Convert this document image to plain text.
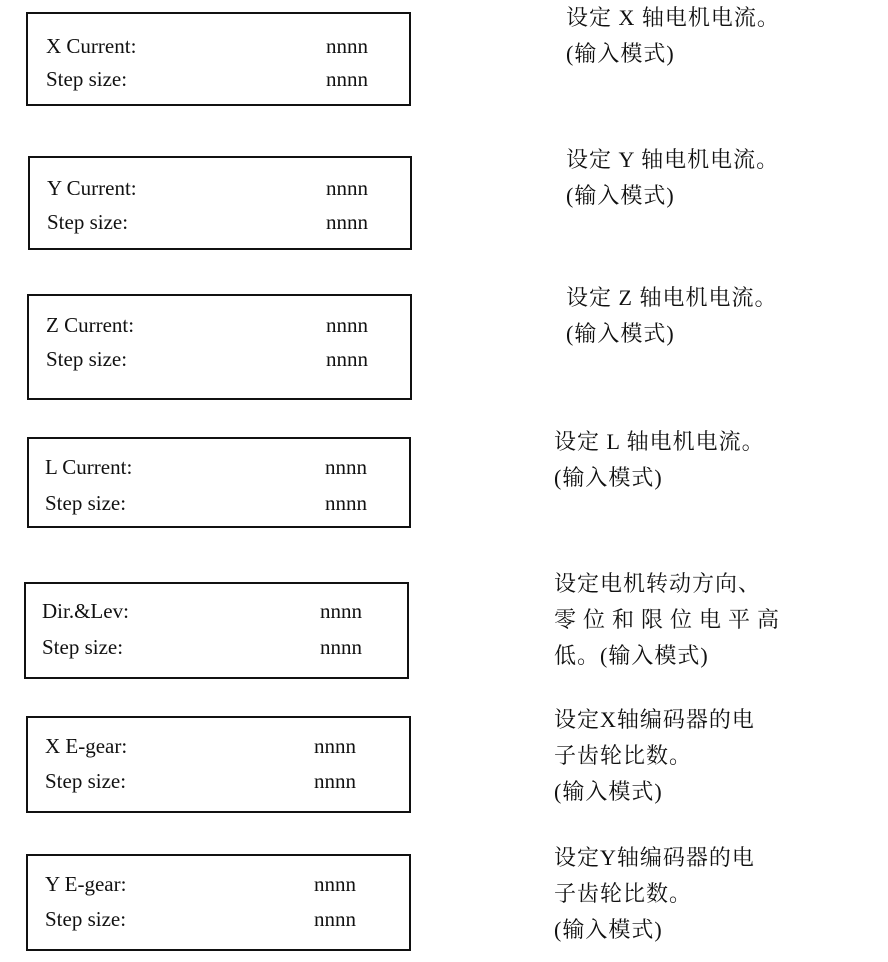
X Current:	nnnn
Step size:	nnnn
设定 X 轴电机电流。
(输入模式)
Y Current:	nnnn
Step size:	nnnn
设定 Y 轴电机电流。
(输入模式)
Z Current:	nnnn
Step size:	nnnn
设定 Z 轴电机电流。
(输入模式)
L Current:	nnnn
Step size:	nnnn
设定 L 轴电机电流。
(输入模式)
Dir.&Lev:	nnnn
Step size:	nnnn
设定电机转动方向、
零位和限位电平高
低。(输入模式)
X E-gear:	nnnn
Step size:	nnnn
设定X轴编码器的电
子齿轮比数。
(输入模式)
Y E-gear:	nnnn
Step size:	nnnn
设定Y轴编码器的电
子齿轮比数。
(输入模式)
